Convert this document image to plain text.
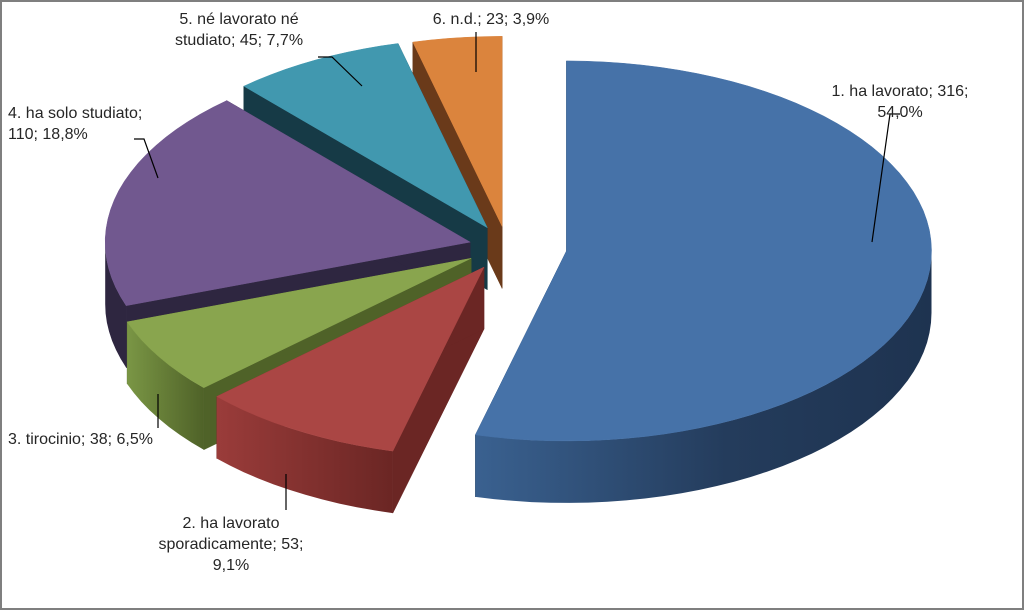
1. ha lavorato; 316;
54,0%
2. ha lavorato
sporadicamente; 53;
9,1%
3. tirocinio; 38; 6,5%
4. ha solo studiato;
110; 18,8%
5. né lavorato né
studiato; 45; 7,7%
6. n.d.; 23; 3,9%
